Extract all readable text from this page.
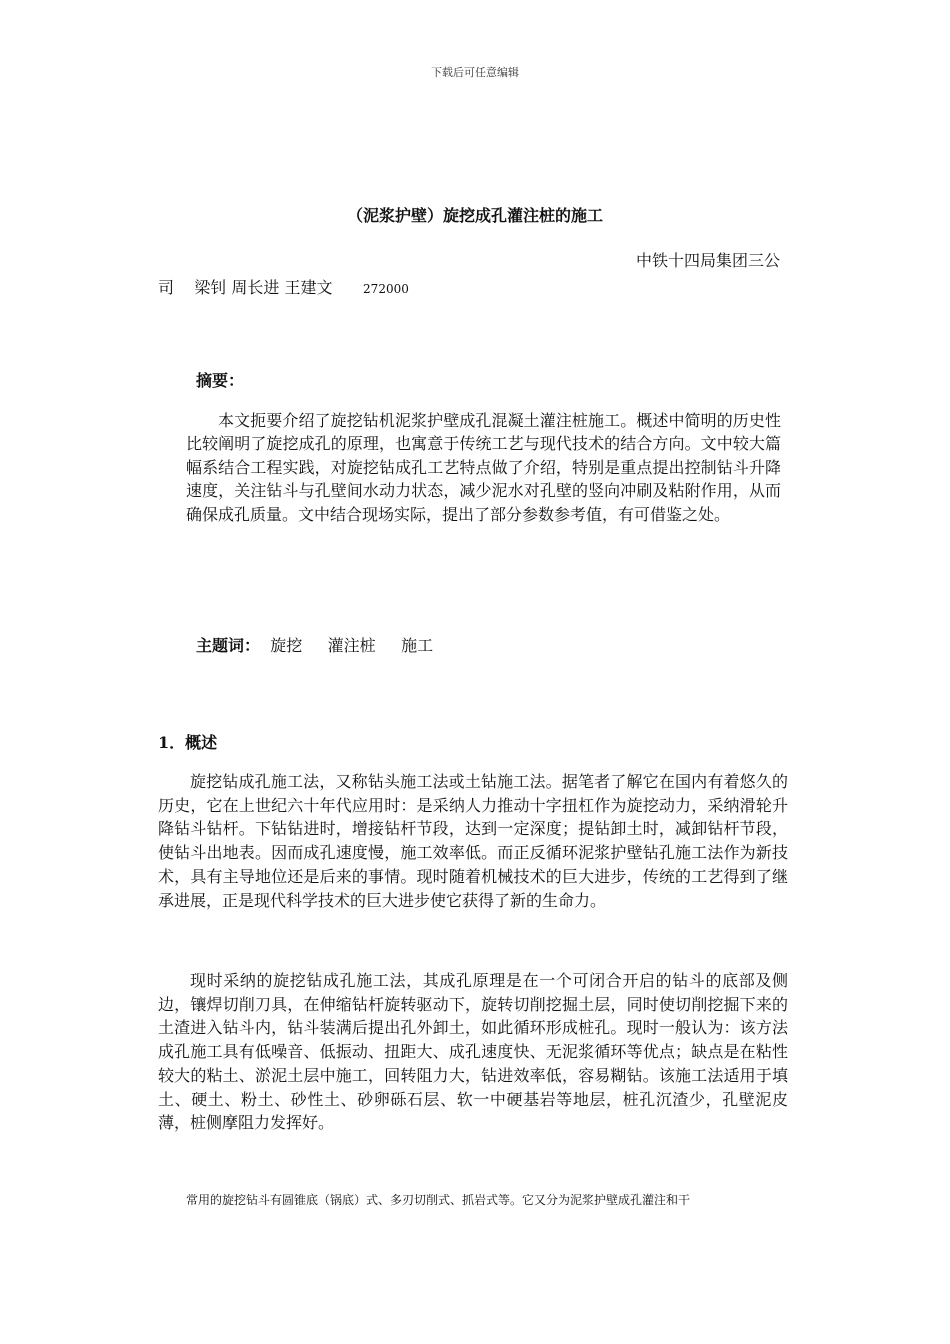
下载后可任意编辑
（泥浆护壁）旋挖成孔灌注桩的施工
中铁十四局集团三公
司    梁钊 周长进 王建文	272000
摘要：
本文扼要介绍了旋挖钻机泥浆护壁成孔混凝土灌注桩施工。概述中简明的历史性比较阐明了旋挖成孔的原理，也寓意于传统工艺与现代技术的结合方向。文中较大篇幅系结合工程实践，对旋挖钻成孔工艺特点做了介绍，特别是重点提出控制钻斗升降速度，关注钻斗与孔壁间水动力状态，减少泥水对孔壁的竖向冲刷及粘附作用，从而确保成孔质量。文中结合现场实际，提出了部分参数参考值，有可借鉴之处。
主题词： 旋挖 灌注桩 施工
1．概述
旋挖钻成孔施工法，又称钻头施工法或土钻施工法。据笔者了解它在国内有着悠久的历史，它在上世纪六十年代应用时：是采纳人力推动十字扭杠作为旋挖动力，采纳滑轮升降钻斗钻杆。下钻钻进时，增接钻杆节段，达到一定深度；提钻卸土时，减卸钻杆节段，使钻斗出地表。因而成孔速度慢，施工效率低。而正反循环泥浆护壁钻孔施工法作为新技术，具有主导地位还是后来的事情。现时随着机械技术的巨大进步，传统的工艺得到了继承进展，正是现代科学技术的巨大进步使它获得了新的生命力。
现时采纳的旋挖钻成孔施工法，其成孔原理是在一个可闭合开启的钻斗的底部及侧边，镶焊切削刀具，在伸缩钻杆旋转驱动下，旋转切削挖掘土层，同时使切削挖掘下来的土渣进入钻斗内，钻斗装满后提出孔外卸土，如此循环形成桩孔。现时一般认为：该方法成孔施工具有低噪音、低振动、扭距大、成孔速度快、无泥浆循环等优点；缺点是在粘性较大的粘土、淤泥土层中施工，回转阻力大，钻进效率低，容易糊钻。该施工法适用于填土、硬土、粉土、砂性土、砂卵砾石层、软一中硬基岩等地层，桩孔沉渣少，孔壁泥皮薄，桩侧摩阻力发挥好。
常用的旋挖钻斗有圆锥底（锅底）式、多刃切削式、抓岩式等。它又分为泥浆护壁成孔灌注和干
